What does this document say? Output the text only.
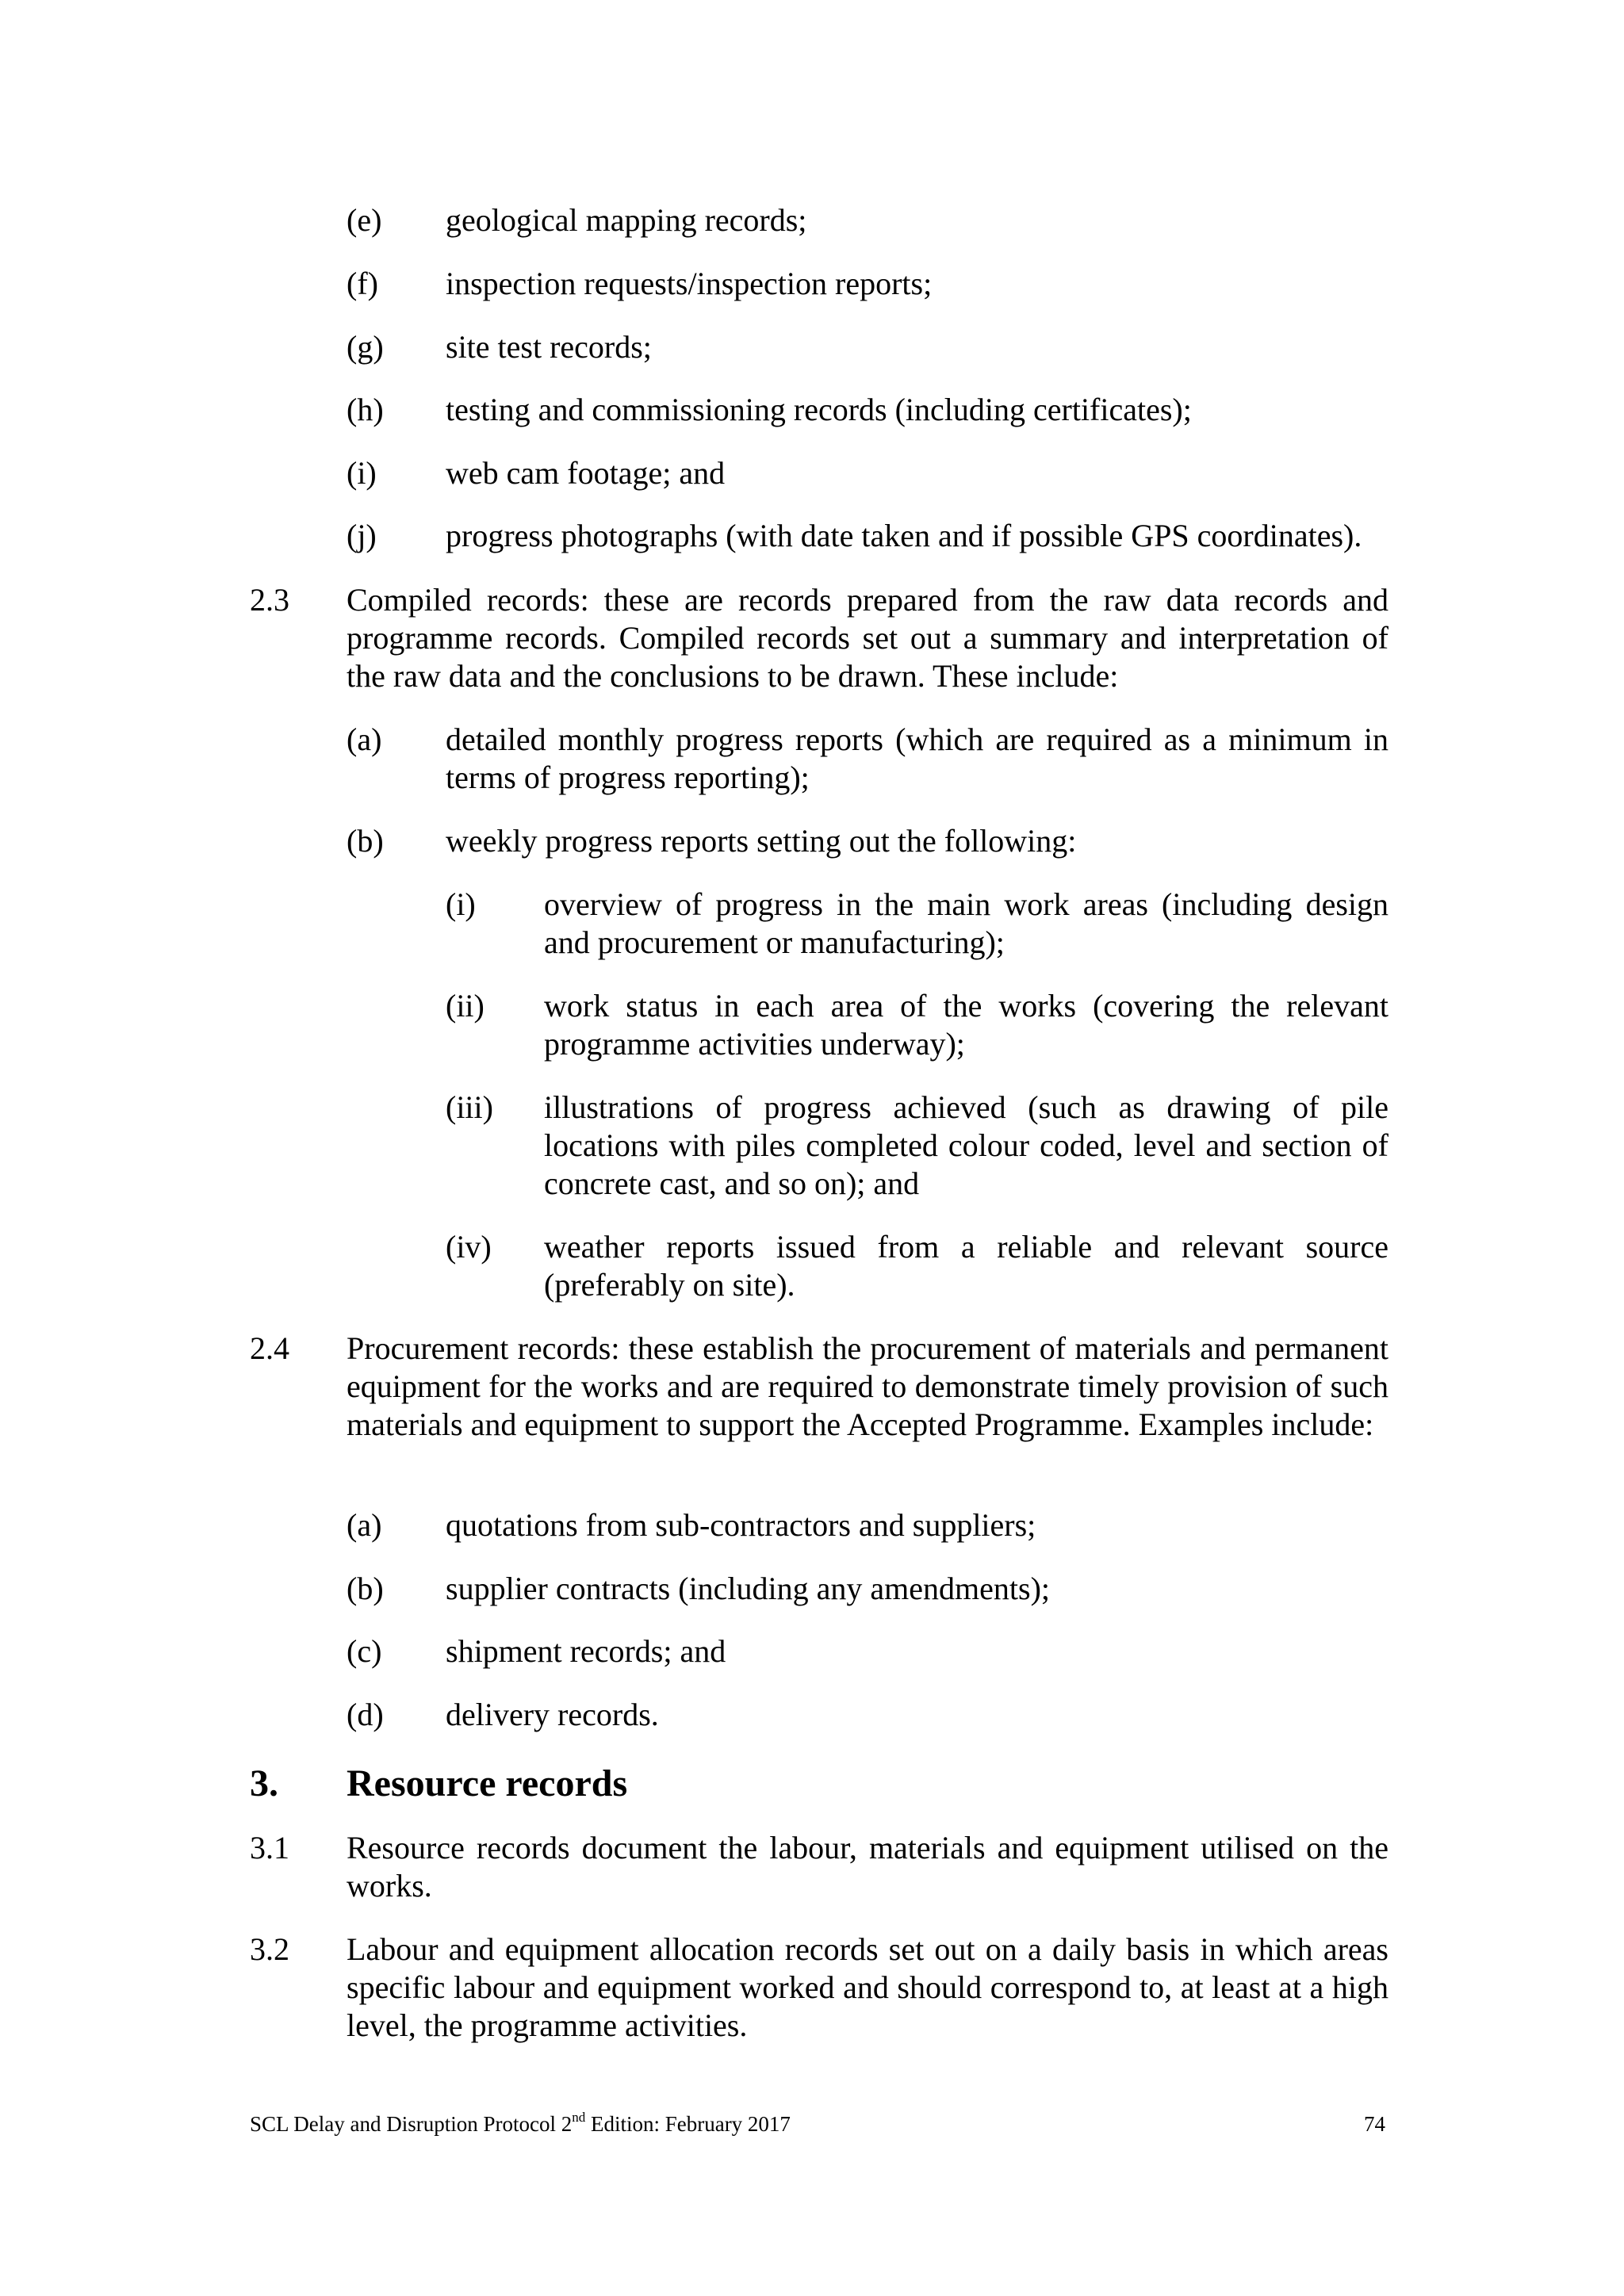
(e) geological mapping records;
(f) inspection requests/inspection reports;
(g) site test records;
(h) testing and commissioning records (including certificates);
(i) web cam footage; and
(j) progress photographs (with date taken and if possible GPS coordinates).
2.3 Compiled records: these are records prepared from the raw data records and programme records. Compiled records set out a summary and interpretation of the raw data and the conclusions to be drawn. These include:
(a) detailed monthly progress reports (which are required as a minimum in terms of progress reporting);
(b) weekly progress reports setting out the following:
(i) overview of progress in the main work areas (including design and procurement or manufacturing);
(ii) work status in each area of the works (covering the relevant programme activities underway);
(iii) illustrations of progress achieved (such as drawing of pile locations with piles completed colour coded, level and section of concrete cast, and so on); and
(iv) weather reports issued from a reliable and relevant source (preferably on site).
2.4 Procurement records: these establish the procurement of materials and permanent equipment for the works and are required to demonstrate timely provision of such materials and equipment to support the Accepted Programme. Examples include:
(a) quotations from sub-contractors and suppliers;
(b) supplier contracts (including any amendments);
(c) shipment records; and
(d) delivery records.
3. Resource records
3.1 Resource records document the labour, materials and equipment utilised on the works.
3.2 Labour and equipment allocation records set out on a daily basis in which areas specific labour and equipment worked and should correspond to, at least at a high level, the programme activities.
SCL Delay and Disruption Protocol 2nd Edition: February 2017	74
